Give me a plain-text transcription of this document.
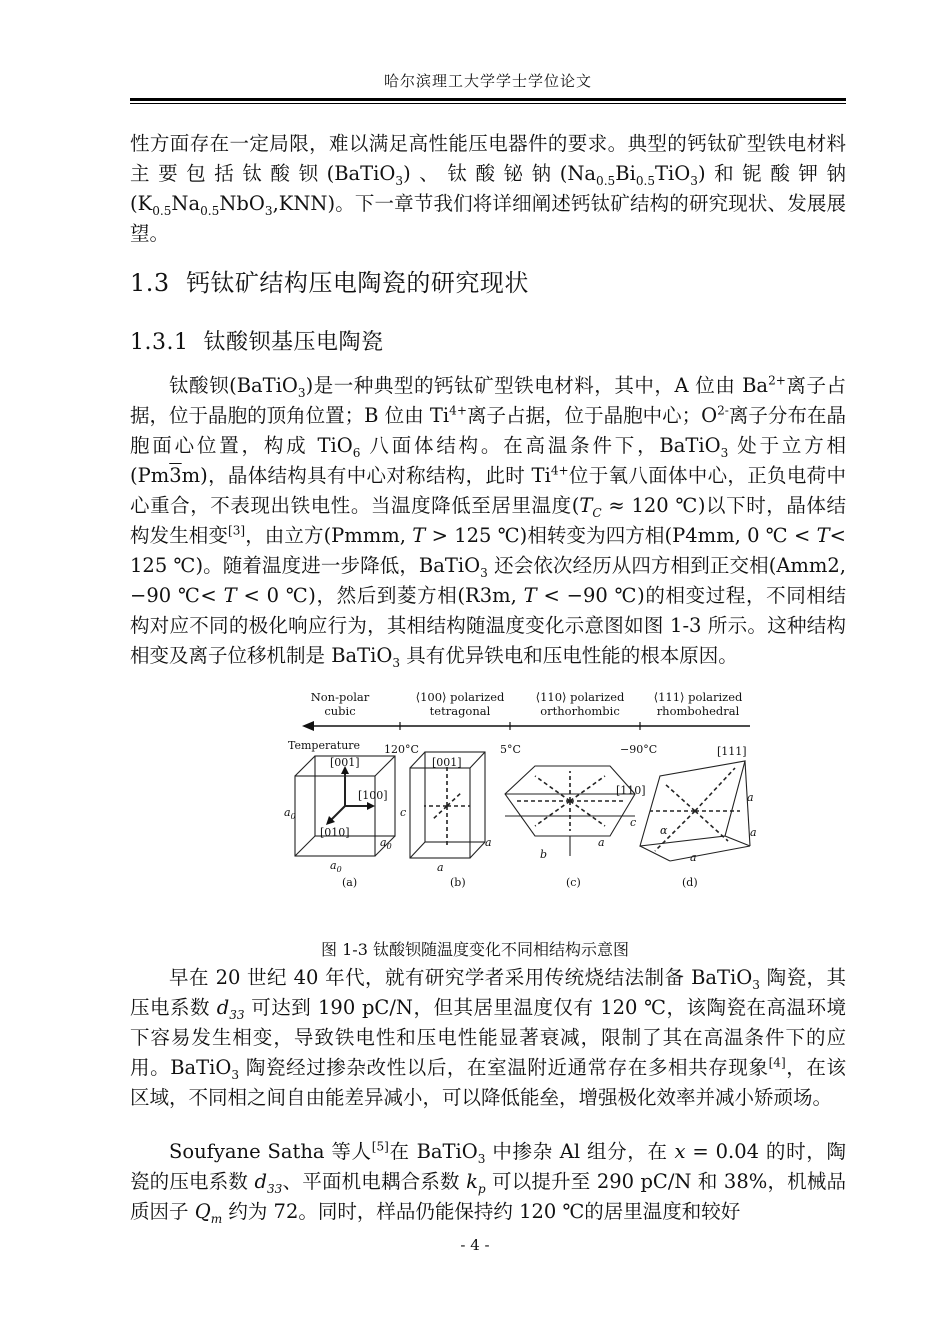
哈尔滨理工大学学士学位论文

性方面存在一定局限，难以满足高性能压电器件的要求。典型的钙钛矿型铁电材料主要包括钛酸钡(BaTiO$_3$)、钛酸铋钠$(Na_{0.5}Bi_{0.5}TiO_3)$和铌酸钾钠$(K_{0.5}Na_{0.5}NbO_3,KNN)$。下一章节我们将详细阐述钙钛矿结构的研究现状、发展展望。

1.3 钙钛矿结构压电陶瓷的研究现状
1.3.1 钛酸钡基压电陶瓷

钛酸钡(BaTiO$_3$)是一种典型的钙钛矿型铁电材料，其中，A 位由 $Ba^{2+}$离子占据，位于晶胞的顶角位置；B 位由 $Ti^{4+}$离子占据，位于晶胞中心；$O^{2-}$离子分布在晶胞面心位置，构成 TiO$_6$ 八面体结构。在高温条件下，BaTiO$_3$ 处于立方相(Pm3m)，晶体结构具有中心对称结构，此时 $Ti^{4+}$位于氧八面体中心，正负电荷中心重合，不表现出铁电性。当温度降低至居里温度($T_C \approx 120$ ℃)以下时，晶体结构发生相变[3]，由立方(Pmmm, T > 125 ℃)相转变为四方相(P4mm, 0 ℃ < T< 125 ℃)。随着温度进一步降低，BaTiO$_3$ 还会依次经历从四方相到正交相(Amm2, −90 ℃< T < 0 ℃)，然后到菱方相(R3m, T < −90 ℃)的相变过程，不同相结构对应不同的极化响应行为，其相结构随温度变化示意图如图 1-3 所示。这种结构相变及离子位移机制是 BaTiO$_3$ 具有优异铁电和压电性能的根本原因。

Non-polar
cubic
⟨100⟩ polarized
tetragonal
⟨110⟩ polarized
orthorhombic
⟨111⟩ polarized
rhombohedral
Temperature 120°C	5°C	−90°C
[001]
[100]
[010]
$a_0$
$a_0$
$a_0$
(a)
[001]
c
a
a
(b)
[110]
c
b
a
(c)
[111]
a
a
a
α
(d)
图 1-3 钛酸钡随温度变化不同相结构示意图

早在 20 世纪 40 年代，就有研究学者采用传统烧结法制备 BaTiO$_3$ 陶瓷，其压电系数 $d_{33}$ 可达到 190 pC/N，但其居里温度仅有 120 ℃，该陶瓷在高温环境下容易发生相变，导致铁电性和压电性能显著衰减，限制了其在高温条件下的应用。BaTiO$_3$ 陶瓷经过掺杂改性以后，在室温附近通常存在多相共存现象[4]，在该区域，不同相之间自由能差异减小，可以降低能垒，增强极化效率并减小矫顽场。

Soufyane Satha 等人[5]在 BaTiO$_3$ 中掺杂 Al 组分，在 x = 0.04 的时，陶瓷的压电系数 $d_{33}$、平面机电耦合系数 $k_p$ 可以提升至 290 pC/N 和 38%，机械品质因子 $Q_m$ 约为 72。同时，样品仍能保持约 120 ℃的居里温度和较好

- 4 -
